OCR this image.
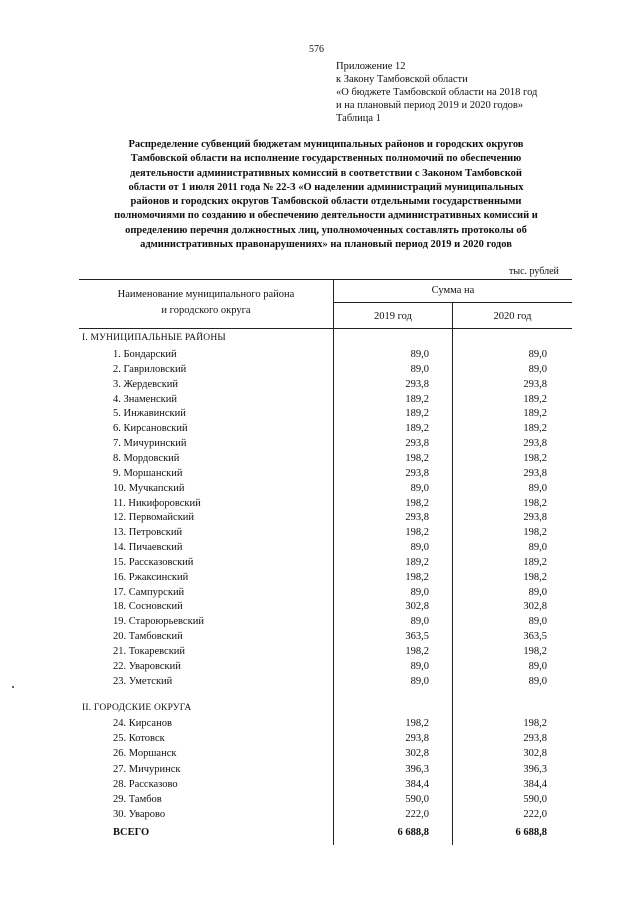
576
Приложение 12
к Закону Тамбовской области
«О бюджете Тамбовской области на 2018 год
и на плановый период 2019 и 2020 годов»
Таблица 1
Распределение субвенций бюджетам муниципальных районов и городских округов
Тамбовской области на исполнение государственных полномочий по обеспечению
деятельности административных комиссий в соответствии с Законом Тамбовской
области от 1 июля 2011 года № 22-З «О наделении администраций муниципальных
районов и городских округов Тамбовской области отдельными государственными
полномочиями по созданию и обеспечению деятельности административных комиссий и
определению перечня должностных лиц, уполномоченных составлять протоколы об
административных правонарушениях» на плановый период 2019 и 2020 годов
тыс. рублей
Наименование муниципального района
и городского округа
Сумма на
2019 год	2020 год
I. МУНИЦИПАЛЬНЫЕ РАЙОНЫ
1. Бондарский	89,0	89,0
2. Гавриловский	89,0	89,0
3. Жердевский	293,8	293,8
4. Знаменский	189,2	189,2
5. Инжавинский	189,2	189,2
6. Кирсановский	189,2	189,2
7. Мичуринский	293,8	293,8
8. Мордовский	198,2	198,2
9. Моршанский	293,8	293,8
10. Мучкапский	89,0	89,0
11. Никифоровский	198,2	198,2
12. Первомайский	293,8	293,8
13. Петровский	198,2	198,2
14. Пичаевский	89,0	89,0
15. Рассказовский	189,2	189,2
16. Ржаксинский	198,2	198,2
17. Сампурский	89,0	89,0
18. Сосновский	302,8	302,8
19. Староюрьевский	89,0	89,0
20. Тамбовский	363,5	363,5
21. Токаревский	198,2	198,2
22. Уваровский	89,0	89,0
23. Уметский	89,0	89,0
II. ГОРОДСКИЕ ОКРУГА
24. Кирсанов	198,2	198,2
25. Котовск	293,8	293,8
26. Моршанск	302,8	302,8
27. Мичуринск	396,3	396,3
28. Рассказово	384,4	384,4
29. Тамбов	590,0	590,0
30. Уварово	222,0	222,0
ВСЕГО	6 688,8	6 688,8
